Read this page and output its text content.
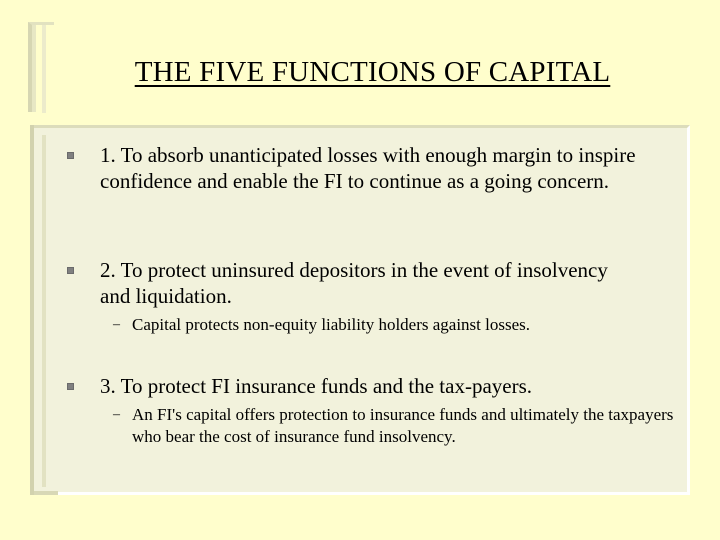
THE FIVE FUNCTIONS OF CAPITAL
1. To absorb unanticipated losses with enough margin to inspire confidence and enable the FI to continue as a going concern.
2. To protect uninsured depositors in the event of insolvency and liquidation.
– Capital protects non-equity liability holders against losses.
3. To protect FI insurance funds and the tax-payers.
– An FI's capital offers protection to insurance funds and ultimately the taxpayers who bear the cost of insurance fund insolvency.
